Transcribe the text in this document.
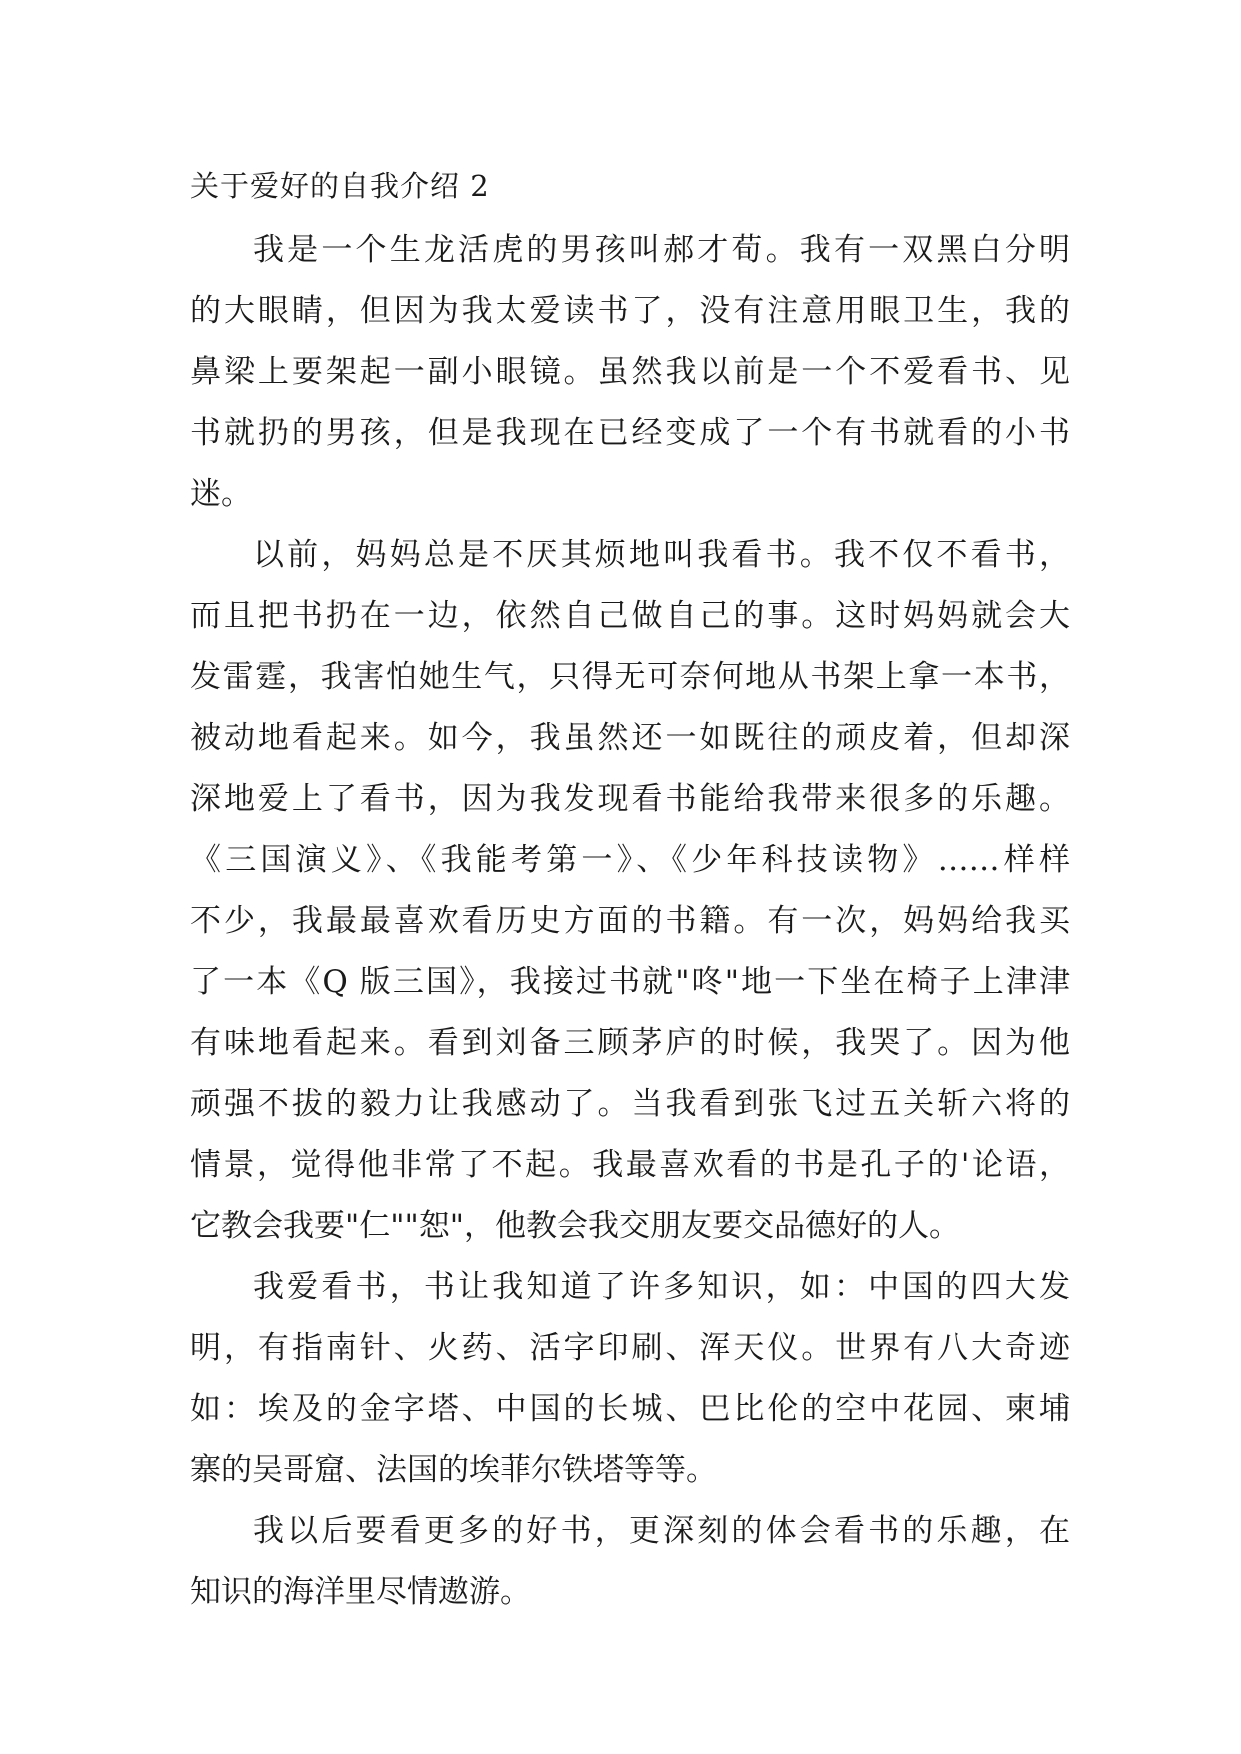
关于爱好的自我介绍 2
我是一个生龙活虎的男孩叫郝才荀。我有一双黑白分明
的大眼睛，但因为我太爱读书了，没有注意用眼卫生，我的
鼻梁上要架起一副小眼镜。虽然我以前是一个不爱看书、见
书就扔的男孩，但是我现在已经变成了一个有书就看的小书
迷。
以前，妈妈总是不厌其烦地叫我看书。我不仅不看书，
而且把书扔在一边，依然自己做自己的事。这时妈妈就会大
发雷霆，我害怕她生气，只得无可奈何地从书架上拿一本书，
被动地看起来。如今，我虽然还一如既往的顽皮着，但却深
深地爱上了看书，因为我发现看书能给我带来很多的乐趣。
《三国演义》、《我能考第一》、《少年科技读物》……样样
不少，我最最喜欢看历史方面的书籍。有一次，妈妈给我买
了一本《Q 版三国》，我接过书就"咚"地一下坐在椅子上津津
有味地看起来。看到刘备三顾茅庐的时候，我哭了。因为他
顽强不拔的毅力让我感动了。当我看到张飞过五关斩六将的
情景，觉得他非常了不起。我最喜欢看的书是孔子的'论语，
它教会我要"仁""恕"，他教会我交朋友要交品德好的人。
我爱看书，书让我知道了许多知识，如：中国的四大发
明，有指南针、火药、活字印刷、浑天仪。世界有八大奇迹
如：埃及的金字塔、中国的长城、巴比伦的空中花园、柬埔
寨的吴哥窟、法国的埃菲尔铁塔等等。
我以后要看更多的好书，更深刻的体会看书的乐趣，在
知识的海洋里尽情遨游。
